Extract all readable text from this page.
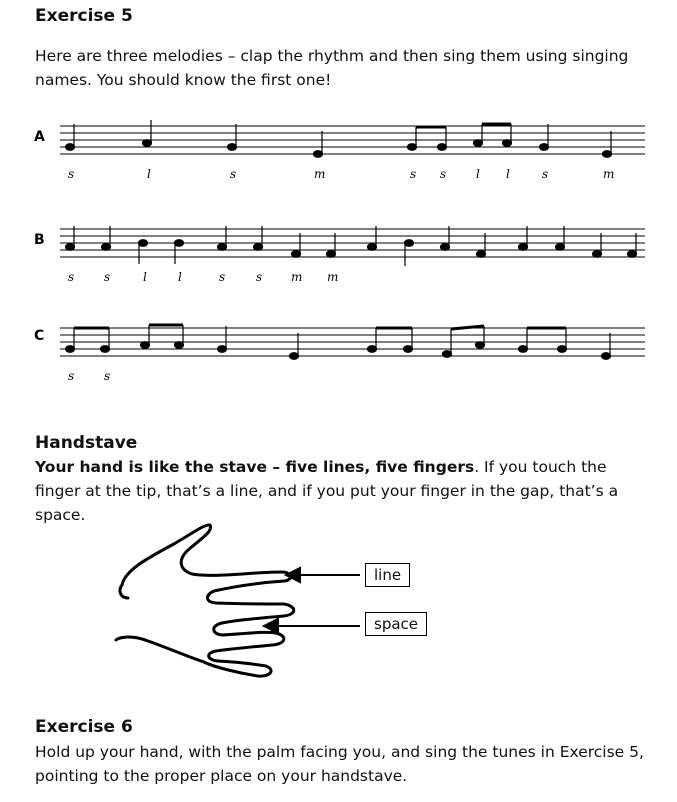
Exercise 5

Here are three melodies – clap the rhythm and then sing them using singing names. You should know the first one!

A
B
C
s	l	s	m	s s l l	s	m
s s	l	l	s	s m m
s s
Handstave

Your hand is like the stave – five lines, five fingers. If you touch the finger at the tip, that’s a line, and if you put your finger in the gap, that’s a space.

line
space
Exercise 6

Hold up your hand, with the palm facing you, and sing the tunes in Exercise 5, pointing to the proper place on your handstave.
